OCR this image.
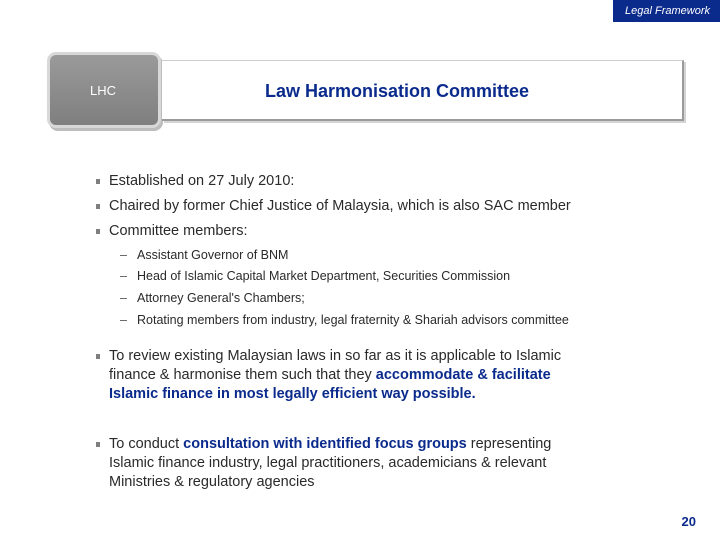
Legal Framework
LHC	Law Harmonisation Committee
Established on 27 July 2010:
Chaired by former Chief Justice of Malaysia, which is also SAC member
Committee members:
– Assistant Governor of BNM
– Head of Islamic Capital Market Department, Securities Commission
– Attorney General's Chambers;
– Rotating members from industry, legal fraternity & Shariah advisors committee
To review existing Malaysian laws in so far as it is applicable to Islamic
finance & harmonise them such that they accommodate & facilitate
Islamic finance in most legally efficient way possible.
To conduct consultation with identified focus groups representing
Islamic finance industry, legal practitioners, academicians & relevant
Ministries & regulatory agencies
20
